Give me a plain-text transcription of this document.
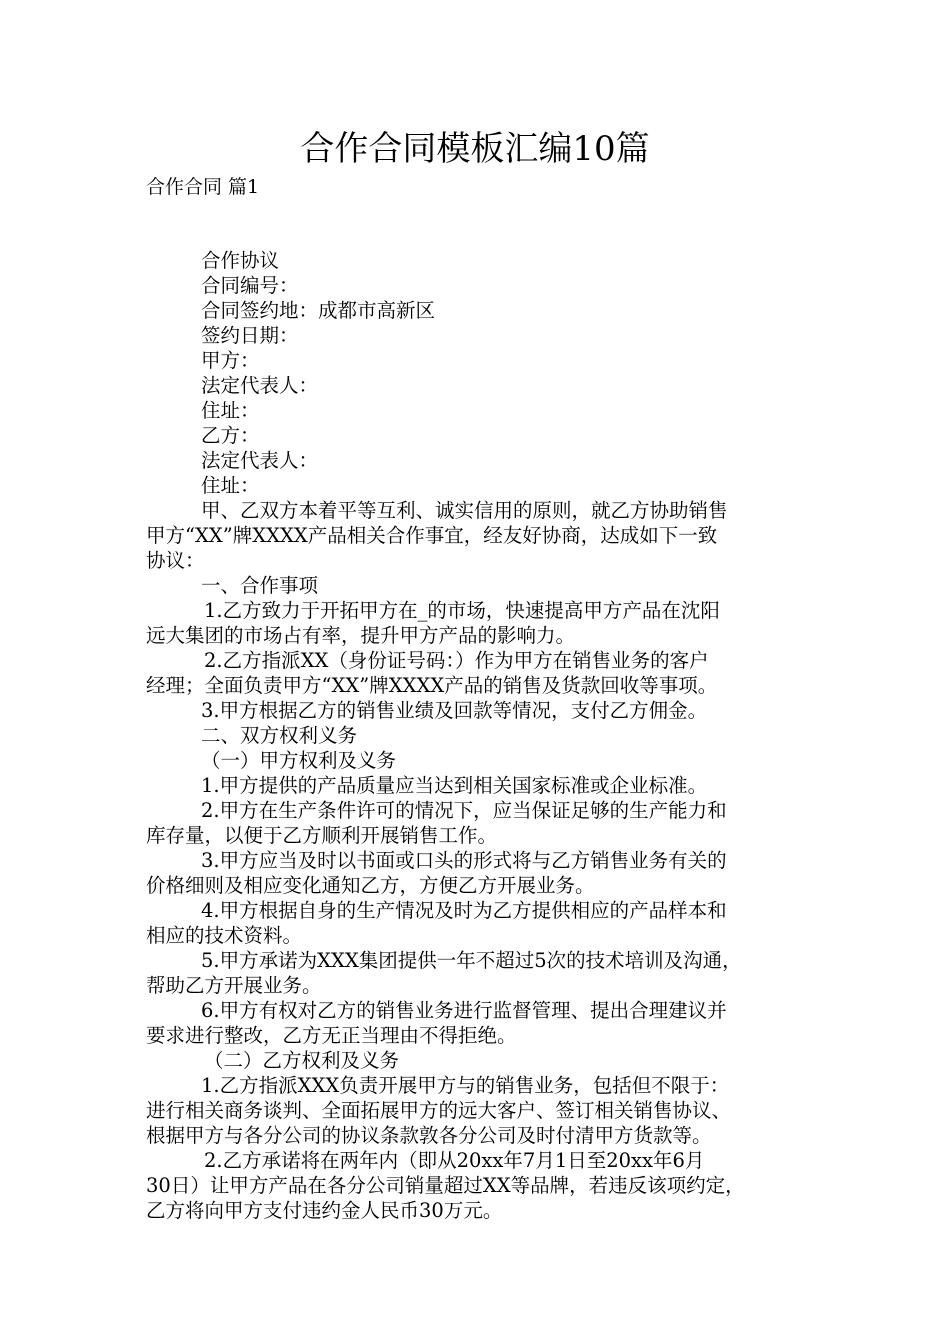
合作合同模板汇编10篇
合作合同 篇1
合作协议
合同编号：
合同签约地：成都市高新区
签约日期：
甲方：
法定代表人：
住址：
乙方：
法定代表人：
住址：
甲、乙双方本着平等互利、诚实信用的原则，就乙方协助销售
甲方“XX”牌XXXX产品相关合作事宜，经友好协商，达成如下一致
协议：
一、合作事项
1.乙方致力于开拓甲方在_的市场，快速提高甲方产品在沈阳
远大集团的市场占有率，提升甲方产品的影响力。
2.乙方指派XX（身份证号码：）作为甲方在销售业务的客户
经理；全面负责甲方“XX”牌XXXX产品的销售及货款回收等事项。
3.甲方根据乙方的销售业绩及回款等情况，支付乙方佣金。
二、双方权利义务
（一）甲方权利及义务
1.甲方提供的产品质量应当达到相关国家标准或企业标准。
2.甲方在生产条件许可的情况下，应当保证足够的生产能力和
库存量，以便于乙方顺利开展销售工作。
3.甲方应当及时以书面或口头的形式将与乙方销售业务有关的
价格细则及相应变化通知乙方，方便乙方开展业务。
4.甲方根据自身的生产情况及时为乙方提供相应的产品样本和
相应的技术资料。
5.甲方承诺为XXX集团提供一年不超过5次的技术培训及沟通，
帮助乙方开展业务。
6.甲方有权对乙方的销售业务进行监督管理、提出合理建议并
要求进行整改，乙方无正当理由不得拒绝。
（二）乙方权利及义务
1.乙方指派XXX负责开展甲方与的销售业务，包括但不限于：
进行相关商务谈判、全面拓展甲方的远大客户、签订相关销售协议、
根据甲方与各分公司的协议条款敦各分公司及时付清甲方货款等。
2.乙方承诺将在两年内（即从20xx年7月1日至20xx年6月
30日）让甲方产品在各分公司销量超过XX等品牌，若违反该项约定，
乙方将向甲方支付违约金人民币30万元。
